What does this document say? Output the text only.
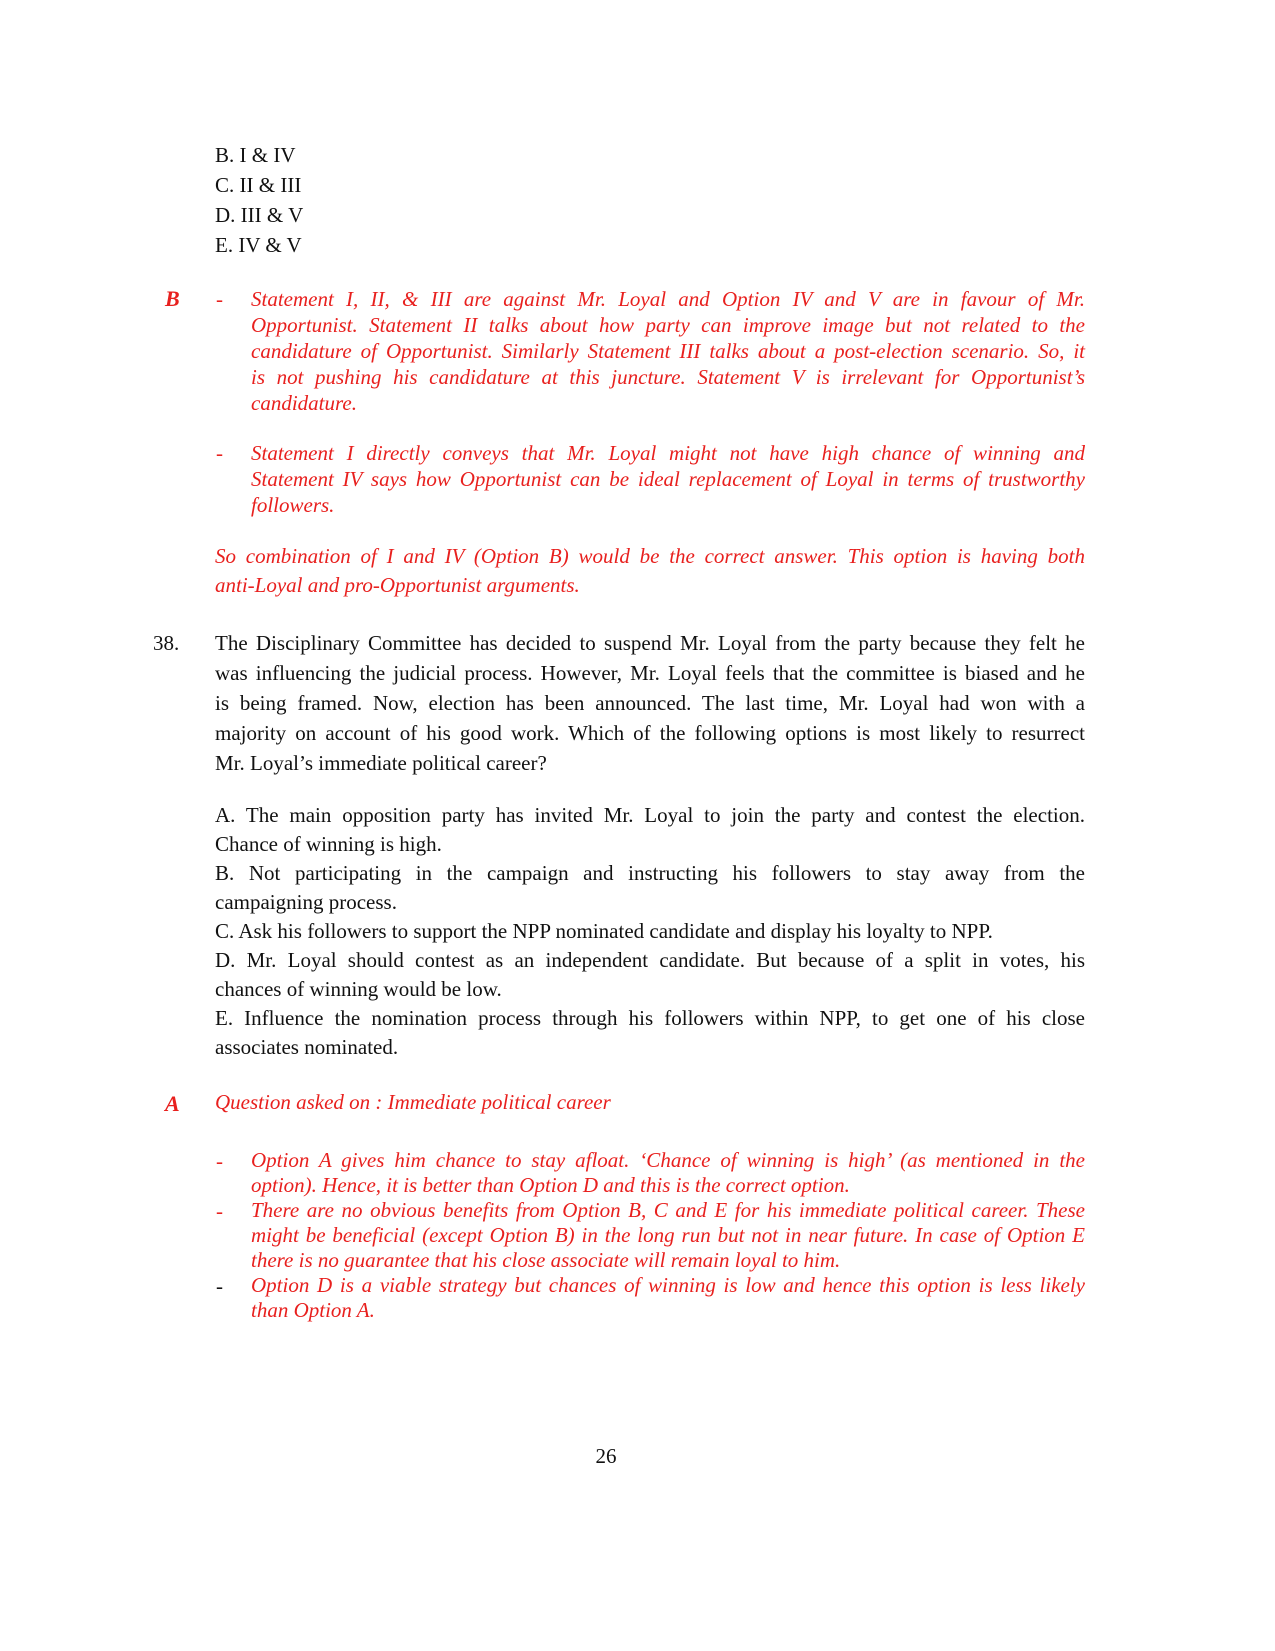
B. I & IV
C. II & III
D. III & V
E. IV & V
B - Statement I, II, & III are against Mr. Loyal and Option IV and V are in favour of Mr.
Opportunist. Statement II talks about how party can improve image but not related to the
candidature of Opportunist. Similarly Statement III talks about a post-election scenario. So, it
is not pushing his candidature at this juncture. Statement V is irrelevant for Opportunist’s
candidature.
- Statement I directly conveys that Mr. Loyal might not have high chance of winning and
Statement IV says how Opportunist can be ideal replacement of Loyal in terms of trustworthy
followers.
So combination of I and IV (Option B) would be the correct answer. This option is having both
anti-Loyal and pro-Opportunist arguments.
38. The Disciplinary Committee has decided to suspend Mr. Loyal from the party because they felt he
was influencing the judicial process. However, Mr. Loyal feels that the committee is biased and he
is being framed. Now, election has been announced. The last time, Mr. Loyal had won with a
majority on account of his good work. Which of the following options is most likely to resurrect
Mr. Loyal’s immediate political career?
A. The main opposition party has invited Mr. Loyal to join the party and contest the election.
Chance of winning is high.
B. Not participating in the campaign and instructing his followers to stay away from the
campaigning process.
C. Ask his followers to support the NPP nominated candidate and display his loyalty to NPP.
D. Mr. Loyal should contest as an independent candidate. But because of a split in votes, his
chances of winning would be low.
E. Influence the nomination process through his followers within NPP, to get one of his close
associates nominated.
A Question asked on : Immediate political career
- Option A gives him chance to stay afloat. ‘Chance of winning is high’ (as mentioned in the
option). Hence, it is better than Option D and this is the correct option.
- There are no obvious benefits from Option B, C and E for his immediate political career. These
might be beneficial (except Option B) in the long run but not in near future. In case of Option E
there is no guarantee that his close associate will remain loyal to him.
- Option D is a viable strategy but chances of winning is low and hence this option is less likely
than Option A.
26
